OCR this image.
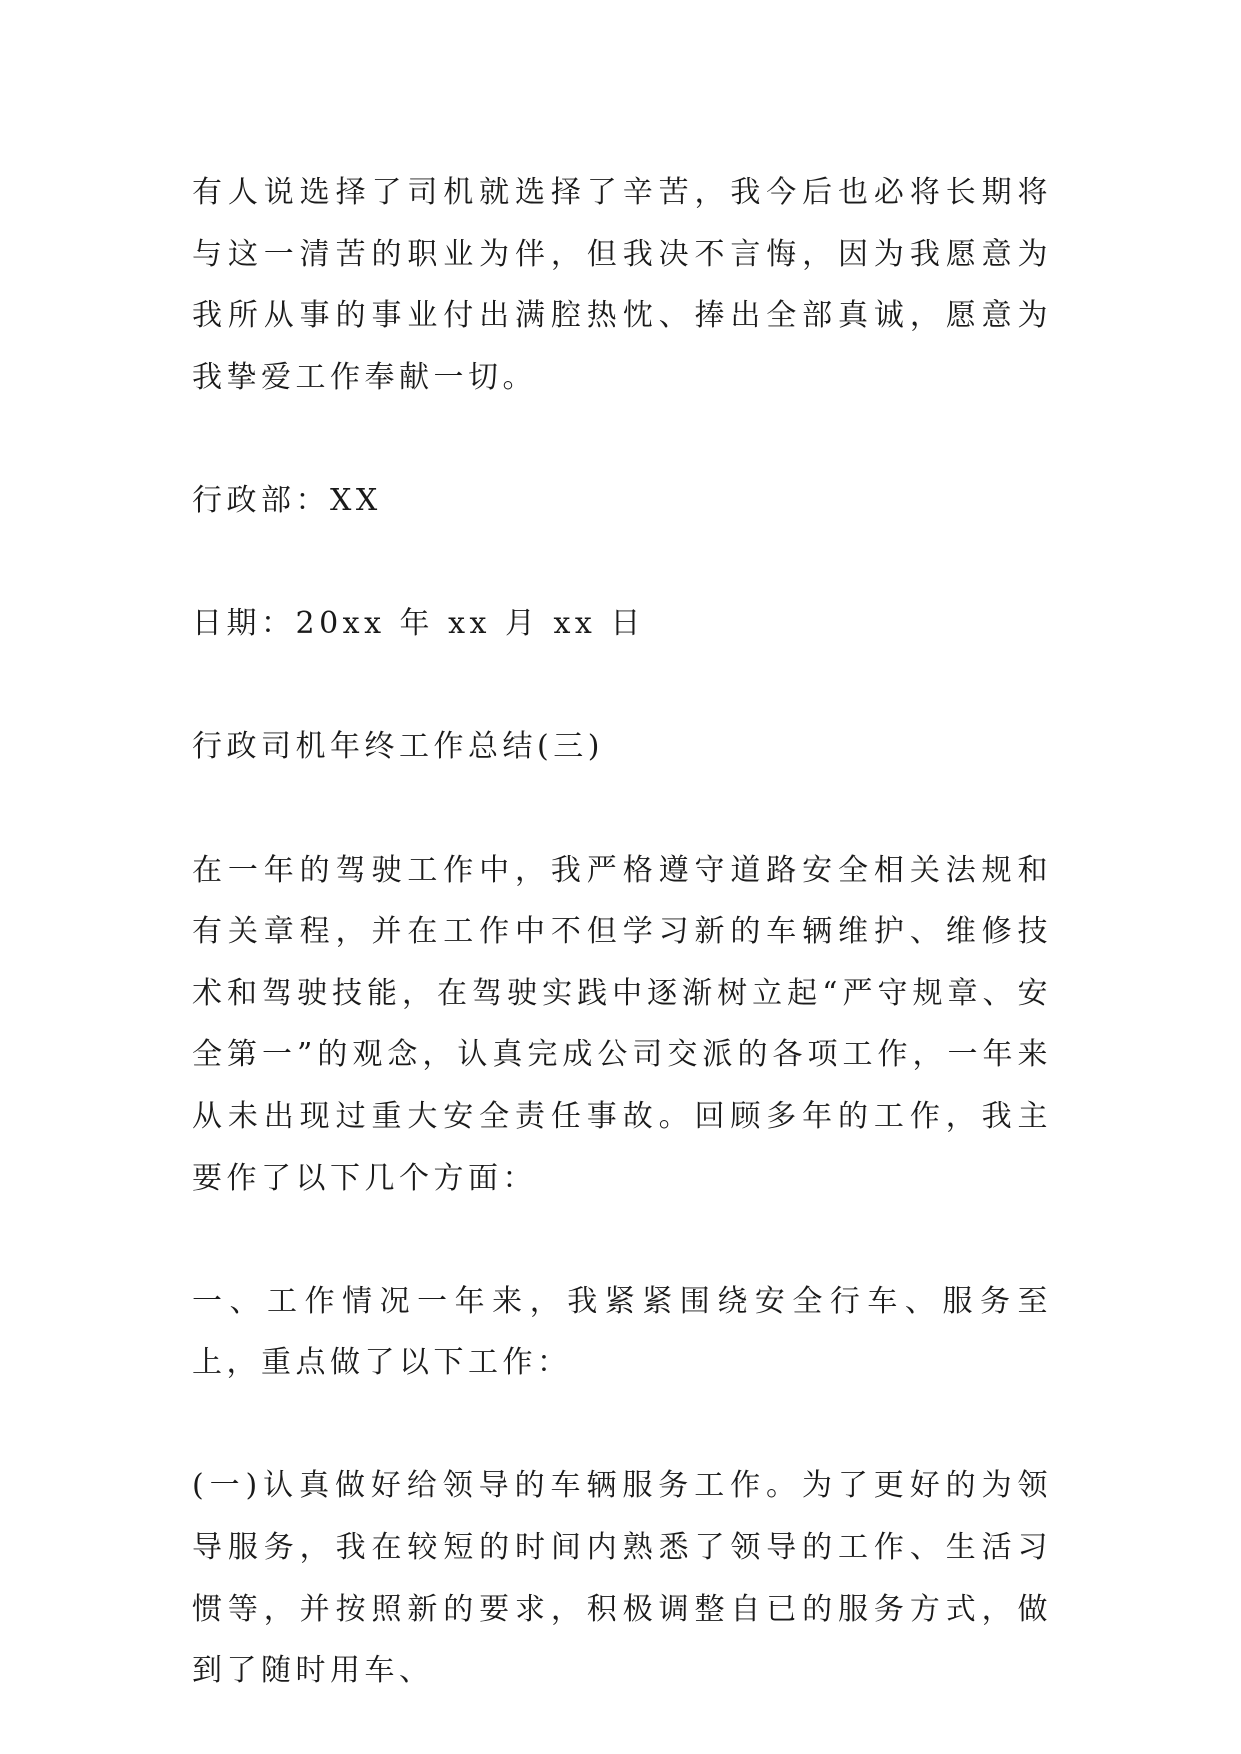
有人说选择了司机就选择了辛苦，我今后也必将长期将与这一清苦的职业为伴，但我决不言悔，因为我愿意为我所从事的事业付出满腔热忱、捧出全部真诚，愿意为我挚爱工作奉献一切。

行政部：XX

日期：20xx 年 xx 月 xx 日

行政司机年终工作总结(三)

在一年的驾驶工作中，我严格遵守道路安全相关法规和有关章程，并在工作中不但学习新的车辆维护、维修技术和驾驶技能，在驾驶实践中逐渐树立起“严守规章、安全第一”的观念，认真完成公司交派的各项工作，一年来从未出现过重大安全责任事故。回顾多年的工作，我主要作了以下几个方面：

一、工作情况一年来，我紧紧围绕安全行车、服务至上，重点做了以下工作：

(一)认真做好给领导的车辆服务工作。为了更好的为领导服务，我在较短的时间内熟悉了领导的工作、生活习惯等，并按照新的要求，积极调整自已的服务方式，做到了随时用车、
